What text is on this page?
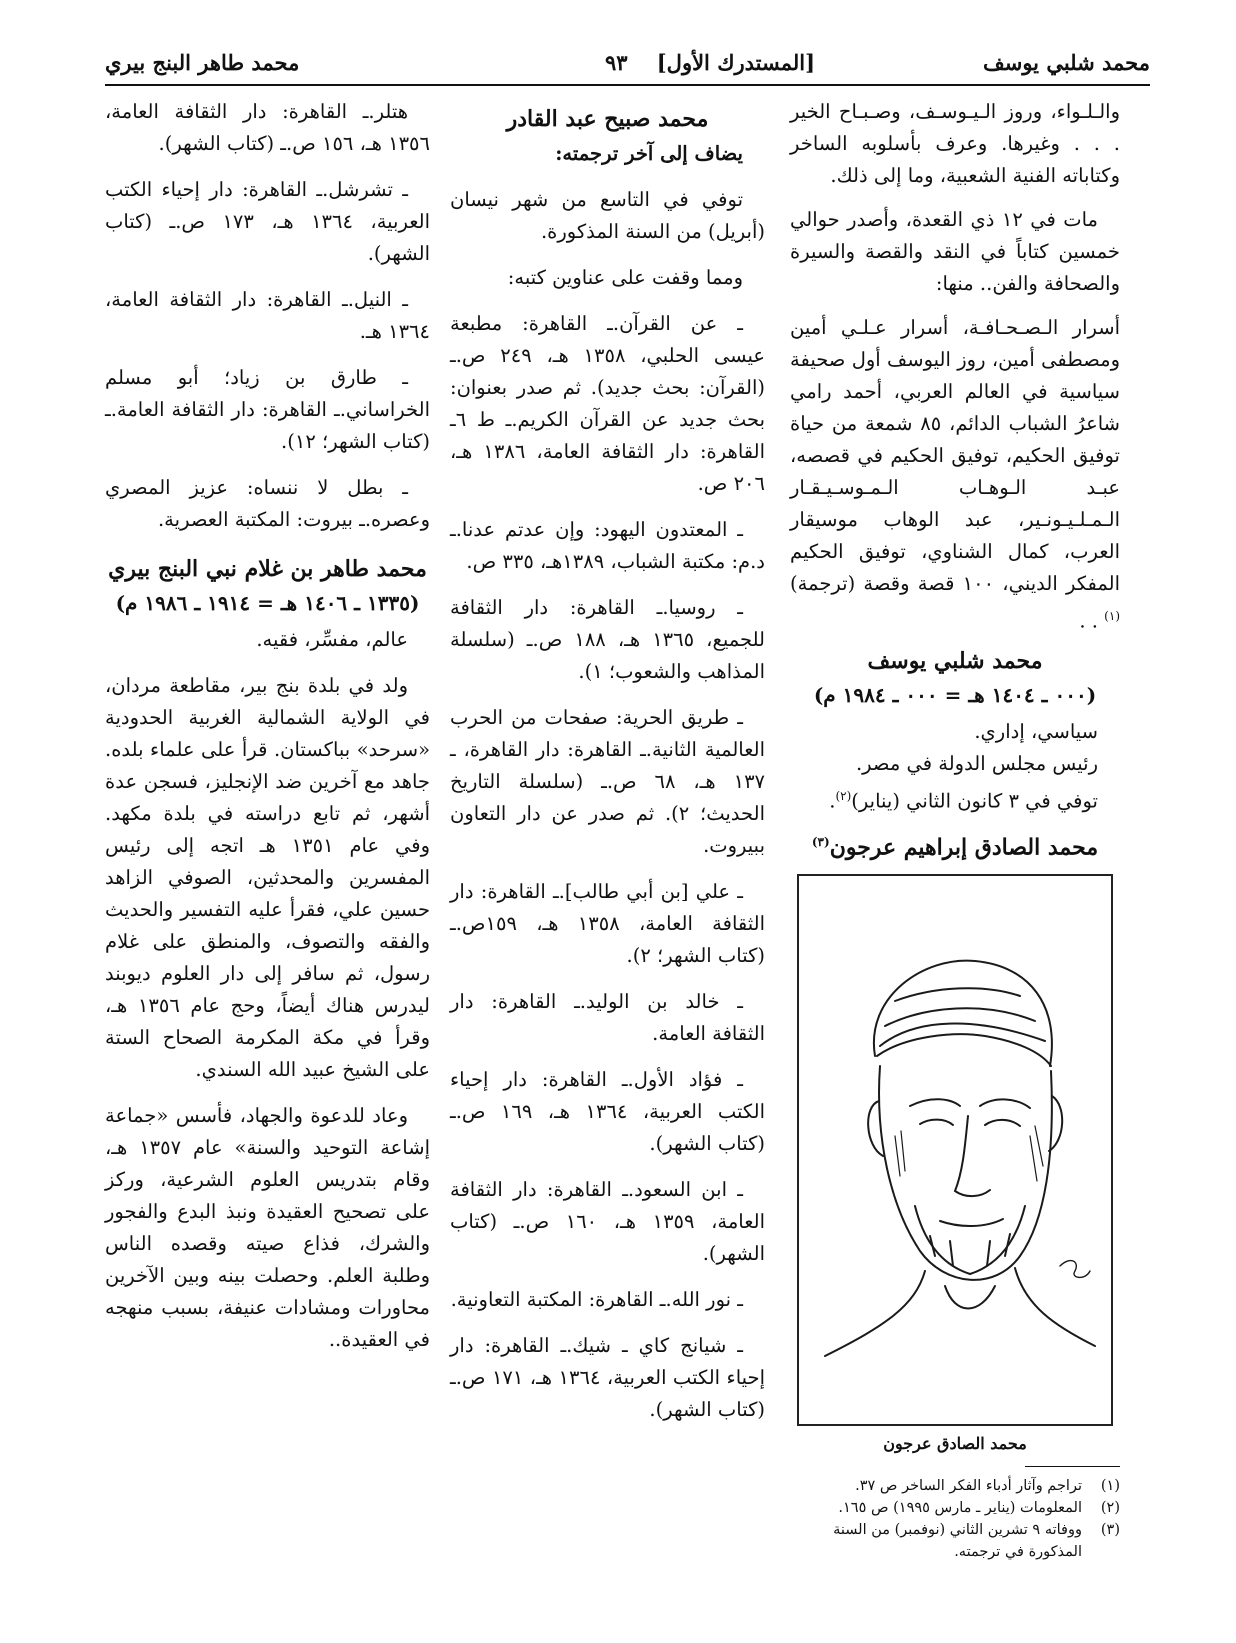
محمد شلبي يوسف
[المستدرك الأول]    ٩٣
محمد طاهر البنج بيري

والـلـواء، وروز الـيـوسـف، وصـبـاح الخير . . . وغيرها. وعرف بأسلوبه الساخر وكتاباته الفنية الشعبية، وما إلى ذلك.

مات في ١٢ ذي القعدة، وأصدر حوالي خمسين كتاباً في النقد والقصة والسيرة والصحافة والفن.. منها:

أسرار الـصـحـافـة، أسرار عـلـي أمين ومصطفى أمين، روز اليوسف أول صحيفة سياسية في العالم العربي، أحمد رامي شاعرُ الشباب الدائم، ٨٥ شمعة من حياة توفيق الحكيم، توفيق الحكيم في قصصه، عبـد الـوهـاب الـمـوسـيـقـار الـمـلـيـونـير، عبد الوهاب موسيقار العرب، كمال الشناوي، توفيق الحكيم المفكر الديني، ١٠٠ قصة وقصة (ترجمة)$^{(١)}$ . .

محمد شلبي يوسف
(٠٠٠ ـ ١٤٠٤ هـ = ٠٠٠ ـ ١٩٨٤ م)

سياسي، إداري.

رئيس مجلس الدولة في مصر.

توفي في ٣ كانون الثاني (يناير)$^{(٢)}$.

محمد الصادق إبراهيم عرجون$^{(٣)}$
محمد الصادق عرجون
(١)
تراجم وآثار أدباء الفكر الساخر ص ٣٧.
(٢)
المعلومات (يناير ـ مارس ١٩٩٥) ص ١٦٥.
(٣)
ووفاته ٩ تشرين الثاني (نوفمبر) من السنة المذكورة في ترجمته.
محمد صبيح عبد القادر

يضاف إلى آخر ترجمته:

توفي في التاسع من شهر نيسان (أبريل) من السنة المذكورة.

ومما وقفت على عناوين كتبه:

ـ عن القرآن.ـ القاهرة: مطبعة عيسى الحلبي، ١٣٥٨ هـ، ٢٤٩ ص.ـ (القرآن: بحث جديد). ثم صدر بعنوان: بحث جديد عن القرآن الكريم.ـ ط ٦ـ القاهرة: دار الثقافة العامة، ١٣٨٦ هـ، ٢٠٦ ص.

ـ المعتدون اليهود: وإن عدتم عدنا.ـ د.م: مكتبة الشباب، ١٣٨٩هـ، ٣٣٥ ص.

ـ روسيا.ـ القاهرة: دار الثقافة للجميع، ١٣٦٥ هـ، ١٨٨ ص.ـ (سلسلة المذاهب والشعوب؛ ١).

ـ طريق الحرية: صفحات من الحرب العالمية الثانية.ـ القاهرة: دار القاهرة، ـ ١٣٧ هـ، ٦٨ ص.ـ (سلسلة التاريخ الحديث؛ ٢). ثم صدر عن دار التعاون ببيروت.

ـ علي [بن أبي طالب].ـ القاهرة: دار الثقافة العامة، ١٣٥٨ هـ، ١٥٩ص.ـ (كتاب الشهر؛ ٢).

ـ خالد بن الوليد.ـ القاهرة: دار الثقافة العامة.

ـ فؤاد الأول.ـ القاهرة: دار إحياء الكتب العربية، ١٣٦٤ هـ، ١٦٩ ص.ـ (كتاب الشهر).

ـ ابن السعود.ـ القاهرة: دار الثقافة العامة، ١٣٥٩ هـ، ١٦٠ ص.ـ (كتاب الشهر).

ـ نور الله.ـ القاهرة: المكتبة التعاونية.

ـ شيانج كاي ـ شيك.ـ القاهرة: دار إحياء الكتب العربية، ١٣٦٤ هـ، ١٧١ ص.ـ (كتاب الشهر).

هتلر.ـ القاهرة: دار الثقافة العامة، ١٣٥٦ هـ، ١٥٦ ص.ـ (كتاب الشهر).

ـ تشرشل.ـ القاهرة: دار إحياء الكتب العربية، ١٣٦٤ هـ، ١٧٣ ص.ـ (كتاب الشهر).

ـ النيل.ـ القاهرة: دار الثقافة العامة، ١٣٦٤ هـ.

ـ طارق بن زياد؛ أبو مسلم الخراساني.ـ القاهرة: دار الثقافة العامة.ـ (كتاب الشهر؛ ١٢).

ـ بطل لا ننساه: عزيز المصري وعصره.ـ بيروت: المكتبة العصرية.

محمد طاهر بن غلام نبي البنج بيري
(١٣٣٥ ـ ١٤٠٦ هـ = ١٩١٤ ـ ١٩٨٦ م)

عالم، مفسِّر، فقيه.

ولد في بلدة بنج بير، مقاطعة مردان، في الولاية الشمالية الغربية الحدودية «سرحد» بباكستان. قرأ على علماء بلده. جاهد مع آخرين ضد الإنجليز، فسجن عدة أشهر، ثم تابع دراسته في بلدة مكهد. وفي عام ١٣٥١ هـ اتجه إلى رئيس المفسرين والمحدثين، الصوفي الزاهد حسين علي، فقرأ عليه التفسير والحديث والفقه والتصوف، والمنطق على غلام رسول، ثم سافر إلى دار العلوم ديوبند ليدرس هناك أيضاً، وحج عام ١٣٥٦ هـ، وقرأ في مكة المكرمة الصحاح الستة على الشيخ عبيد الله السندي.

وعاد للدعوة والجهاد، فأسس «جماعة إشاعة التوحيد والسنة» عام ١٣٥٧ هـ، وقام بتدريس العلوم الشرعية، وركز على تصحيح العقيدة ونبذ البدع والفجور والشرك، فذاع صيته وقصده الناس وطلبة العلم. وحصلت بينه وبين الآخرين محاورات ومشادات عنيفة، بسبب منهجه في العقيدة..
